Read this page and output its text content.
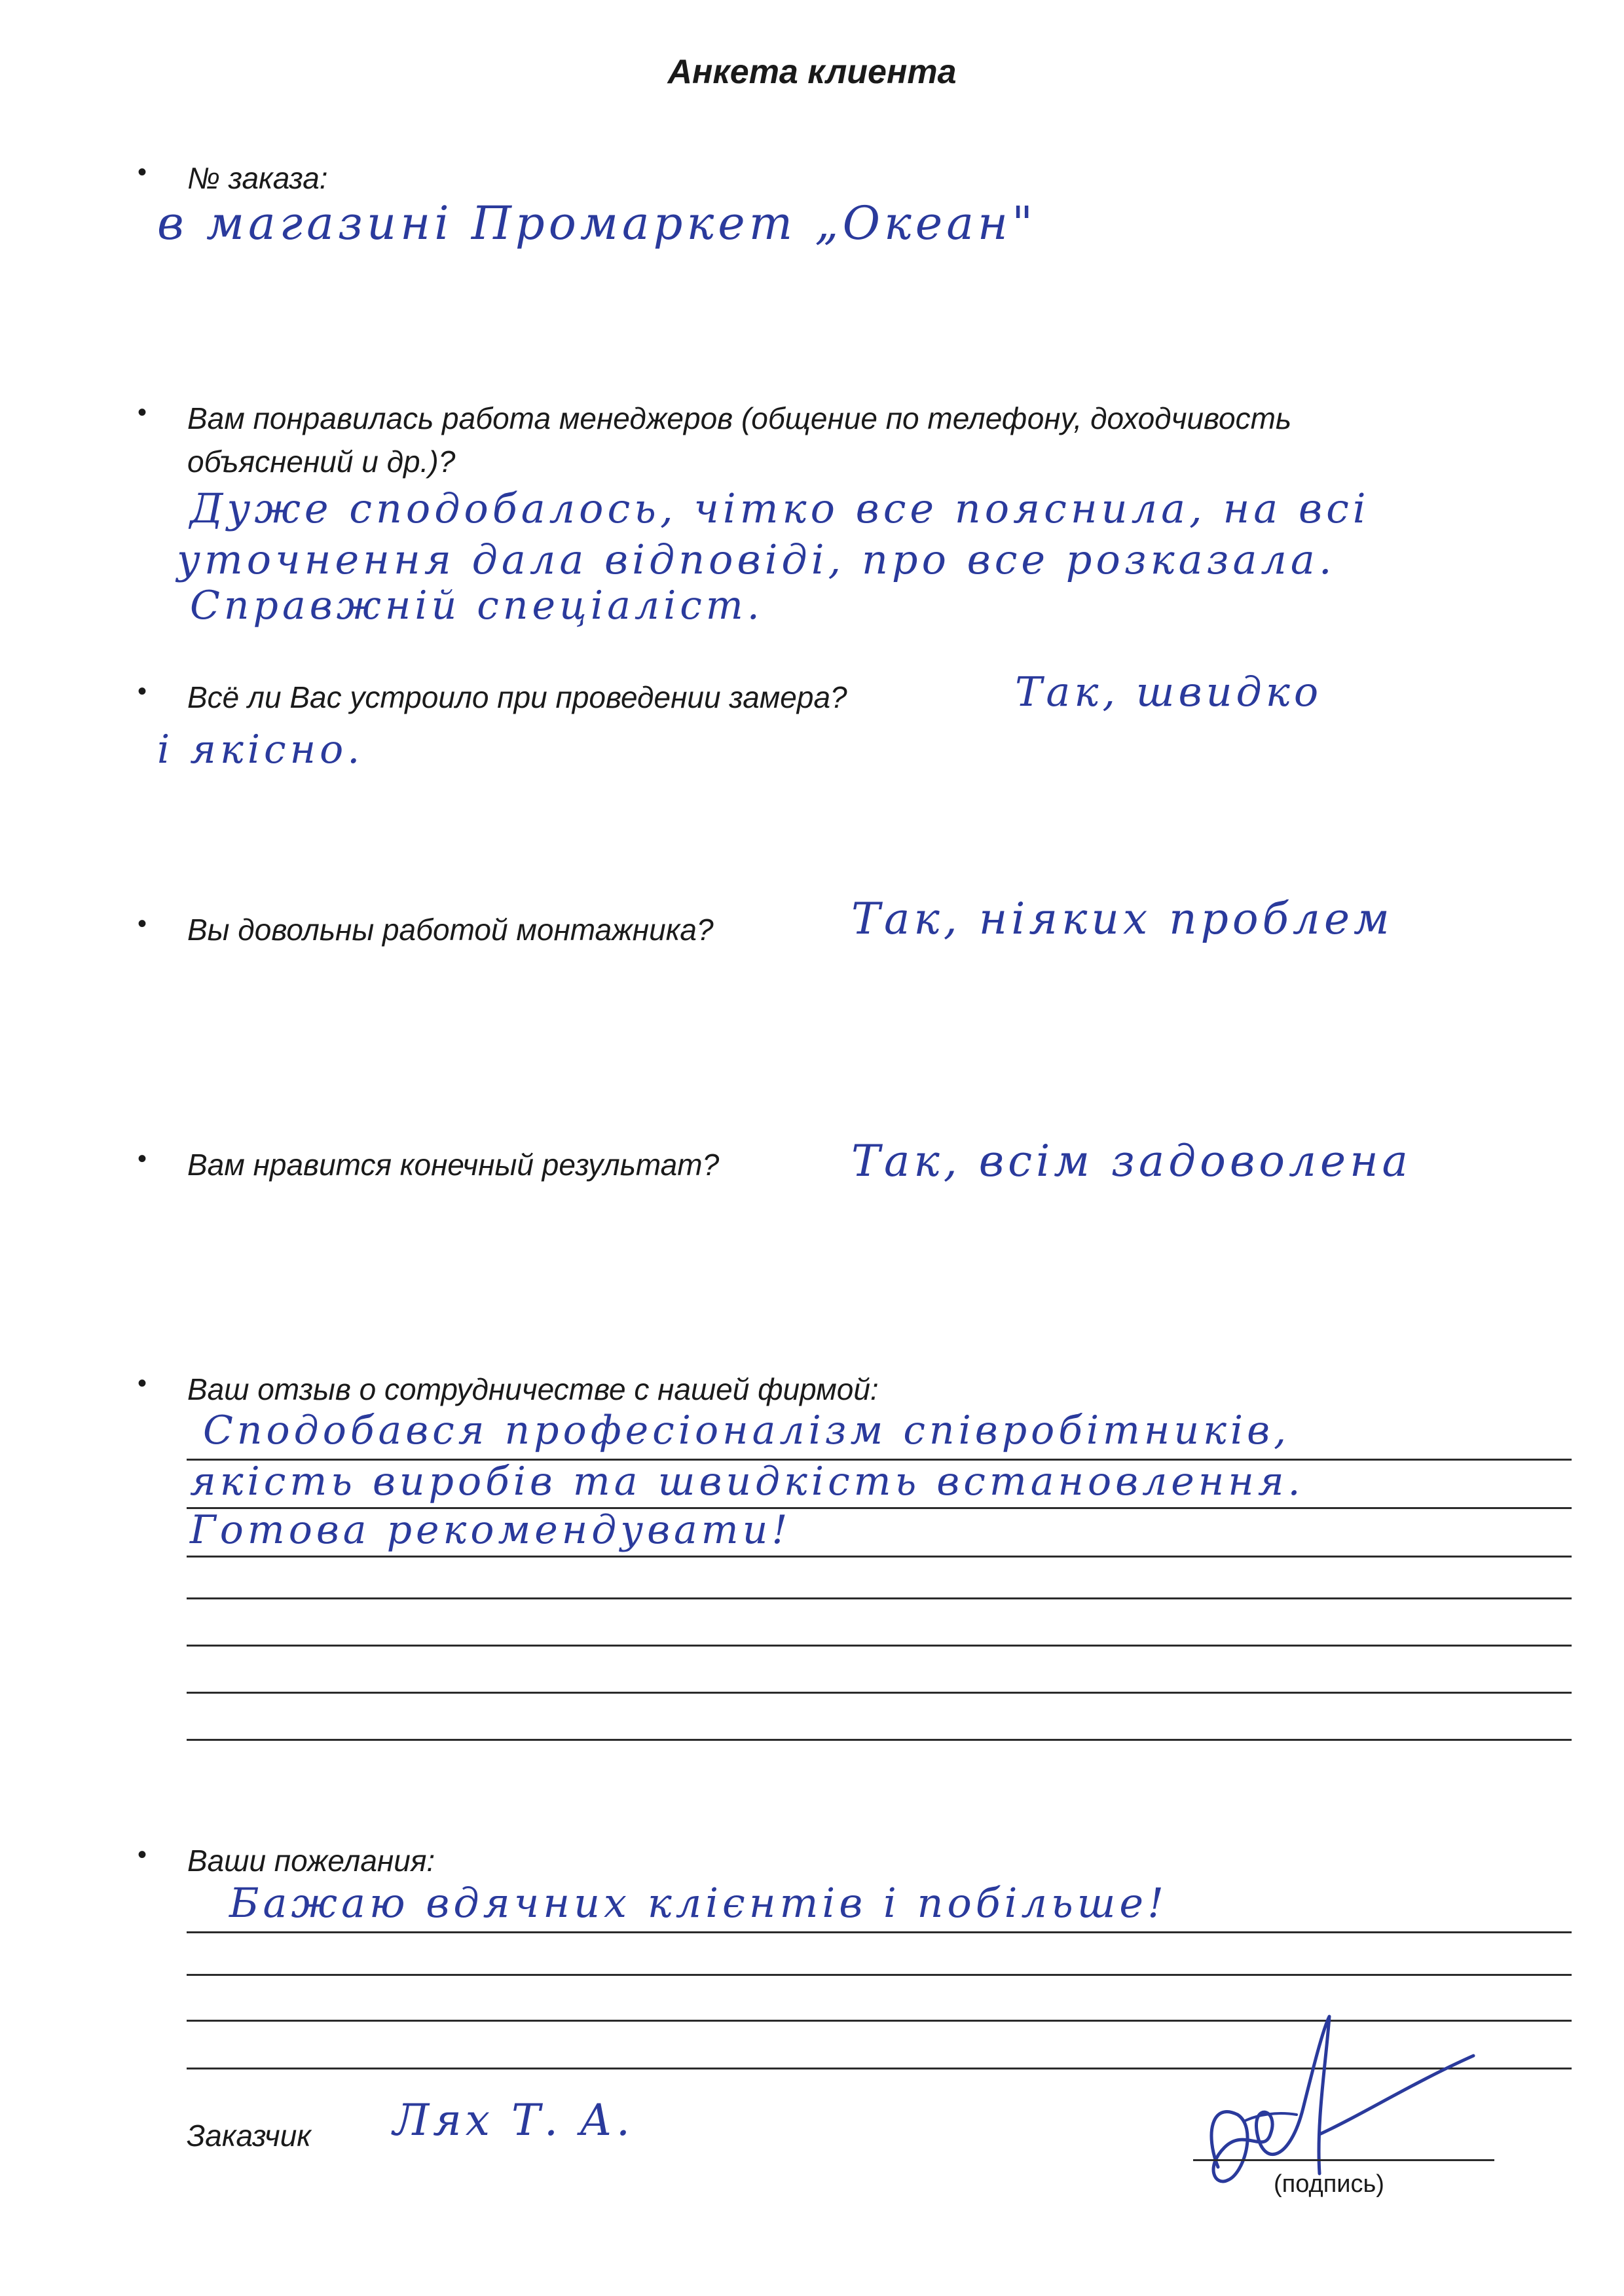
Анкета клиента
• № заказа:
в магазині Промаркет „Океан"
• Вам понравилась работа менеджеров (общение по телефону, доходчивость
объяснений и др.)?
Дуже сподобалось, чітко все пояснила, на всі
уточнення дала відповіді, про все розказала.
Справжній спеціаліст.
• Всё ли Вас устроило при проведении замера?	Так, швидко
і якісно.
• Вы довольны работой монтажника?	Так, ніяких проблем
• Вам нравится конечный результат?	Так, всім задоволена
• Ваш отзыв о сотрудничестве с нашей фирмой:
Сподобався професіоналізм співробітників,
якість виробів та швидкість встановлення.
Готова рекомендувати!
• Ваши пожелания:
Бажаю вдячних клієнтів і побільше!
Заказчик Лях Т. А.
(подпись)
